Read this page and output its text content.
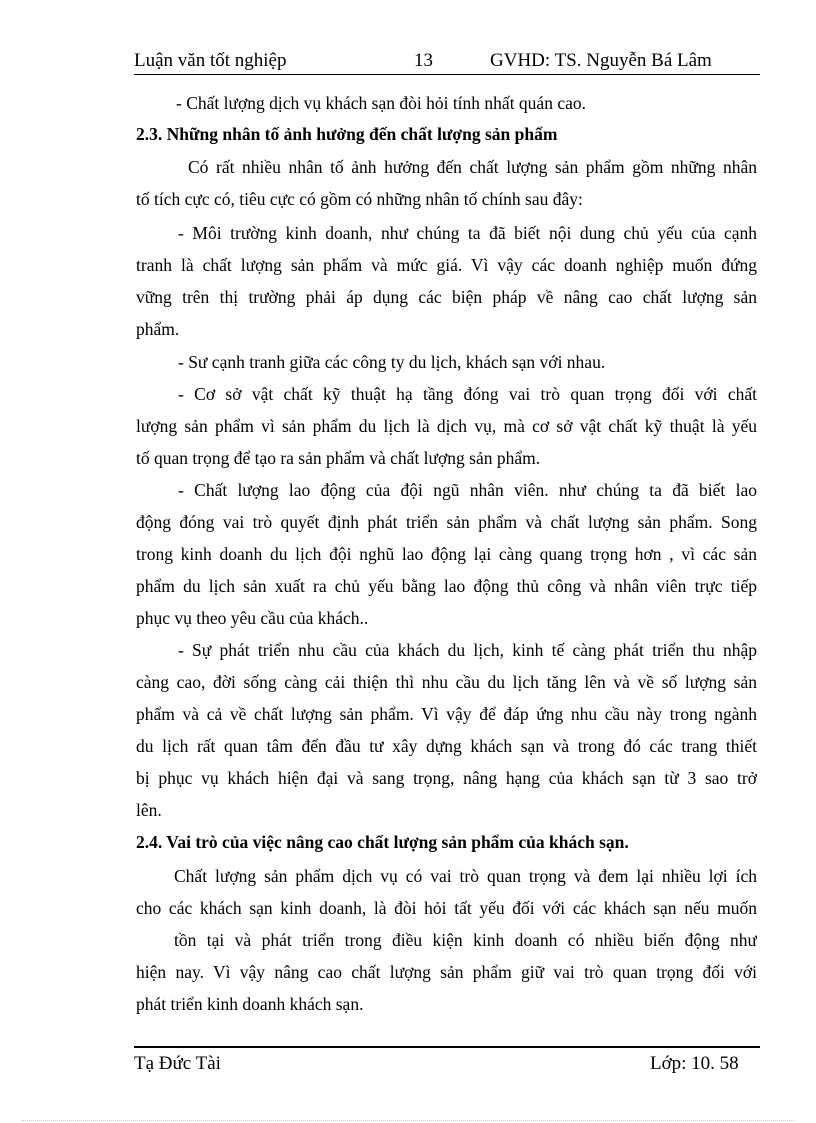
Luận văn tốt nghiệp	13	GVHD: TS. Nguyễn Bá Lâm
- Chất lượng dịch vụ khách sạn đòi hỏi tính nhất quán cao.
2.3. Những nhân tố ảnh hưởng đến chất lượng sản phẩm
Có rất nhiều nhân tố ảnh hưởng đến chất lượng sản phẩm gồm những nhân
tố tích cực có, tiêu cực có gồm có những nhân tố chính sau đây:
- Môi trường kinh doanh, như chúng ta đã biết nội dung chủ yếu của cạnh
tranh là chất lượng sản phẩm và mức giá. Vì vậy các doanh nghiệp muốn đứng
vững trên thị trường phải áp dụng các biện pháp về nâng cao chất lượng sản
phẩm.
- Sư cạnh tranh giữa các công ty du lịch, khách sạn với nhau.
- Cơ sở vật chất kỹ thuật hạ tầng đóng vai trò quan trọng đối với chất
lượng sản phẩm vì sản phẩm du lịch là dịch vụ, mà cơ sở vật chất kỹ thuật là yếu
tố quan trọng để tạo ra sản phẩm và chất lượng sản phẩm.
- Chất lượng lao động của đội ngũ nhân viên. như chúng ta đã biết lao
động đóng vai trò quyết định phát triển sản phẩm và chất lượng sản phẩm. Song
trong kinh doanh du lịch đội nghũ lao động lại càng quang trọng hơn , vì các sản
phẩm du lịch sản xuất ra chủ yếu bằng lao động thủ công và nhân viên trực tiếp
phục vụ theo yêu cầu của khách..
- Sự phát triển nhu cầu của khách du lịch, kinh tế càng phát triển thu nhập
càng cao, đời sống càng cải thiện thì nhu cầu du lịch tăng lên và về số lượng sản
phẩm và cả về chất lượng sản phẩm. Vì vậy để đáp ứng nhu cầu này trong ngành
du lịch rất quan tâm đến đầu tư xây dựng khách sạn và trong đó các trang thiết
bị phục vụ khách hiện đại và sang trọng, nâng hạng của khách sạn từ 3 sao trở
lên.
2.4. Vai trò của việc nâng cao chất lượng sản phẩm của khách sạn.
Chất lượng sản phẩm dịch vụ có vai trò quan trọng và đem lại nhiều lợi ích
cho các khách sạn kinh doanh, là đòi hỏi tất yếu đối với các khách sạn nếu muốn
tồn tại và phát triển trong điều kiện kinh doanh có nhiều biến động như
hiện nay. Vì vậy nâng cao chất lượng sản phẩm giữ vai trò quan trọng đối với
phát triển kinh doanh khách sạn.
Tạ Đức Tài	Lớp: 10. 58
